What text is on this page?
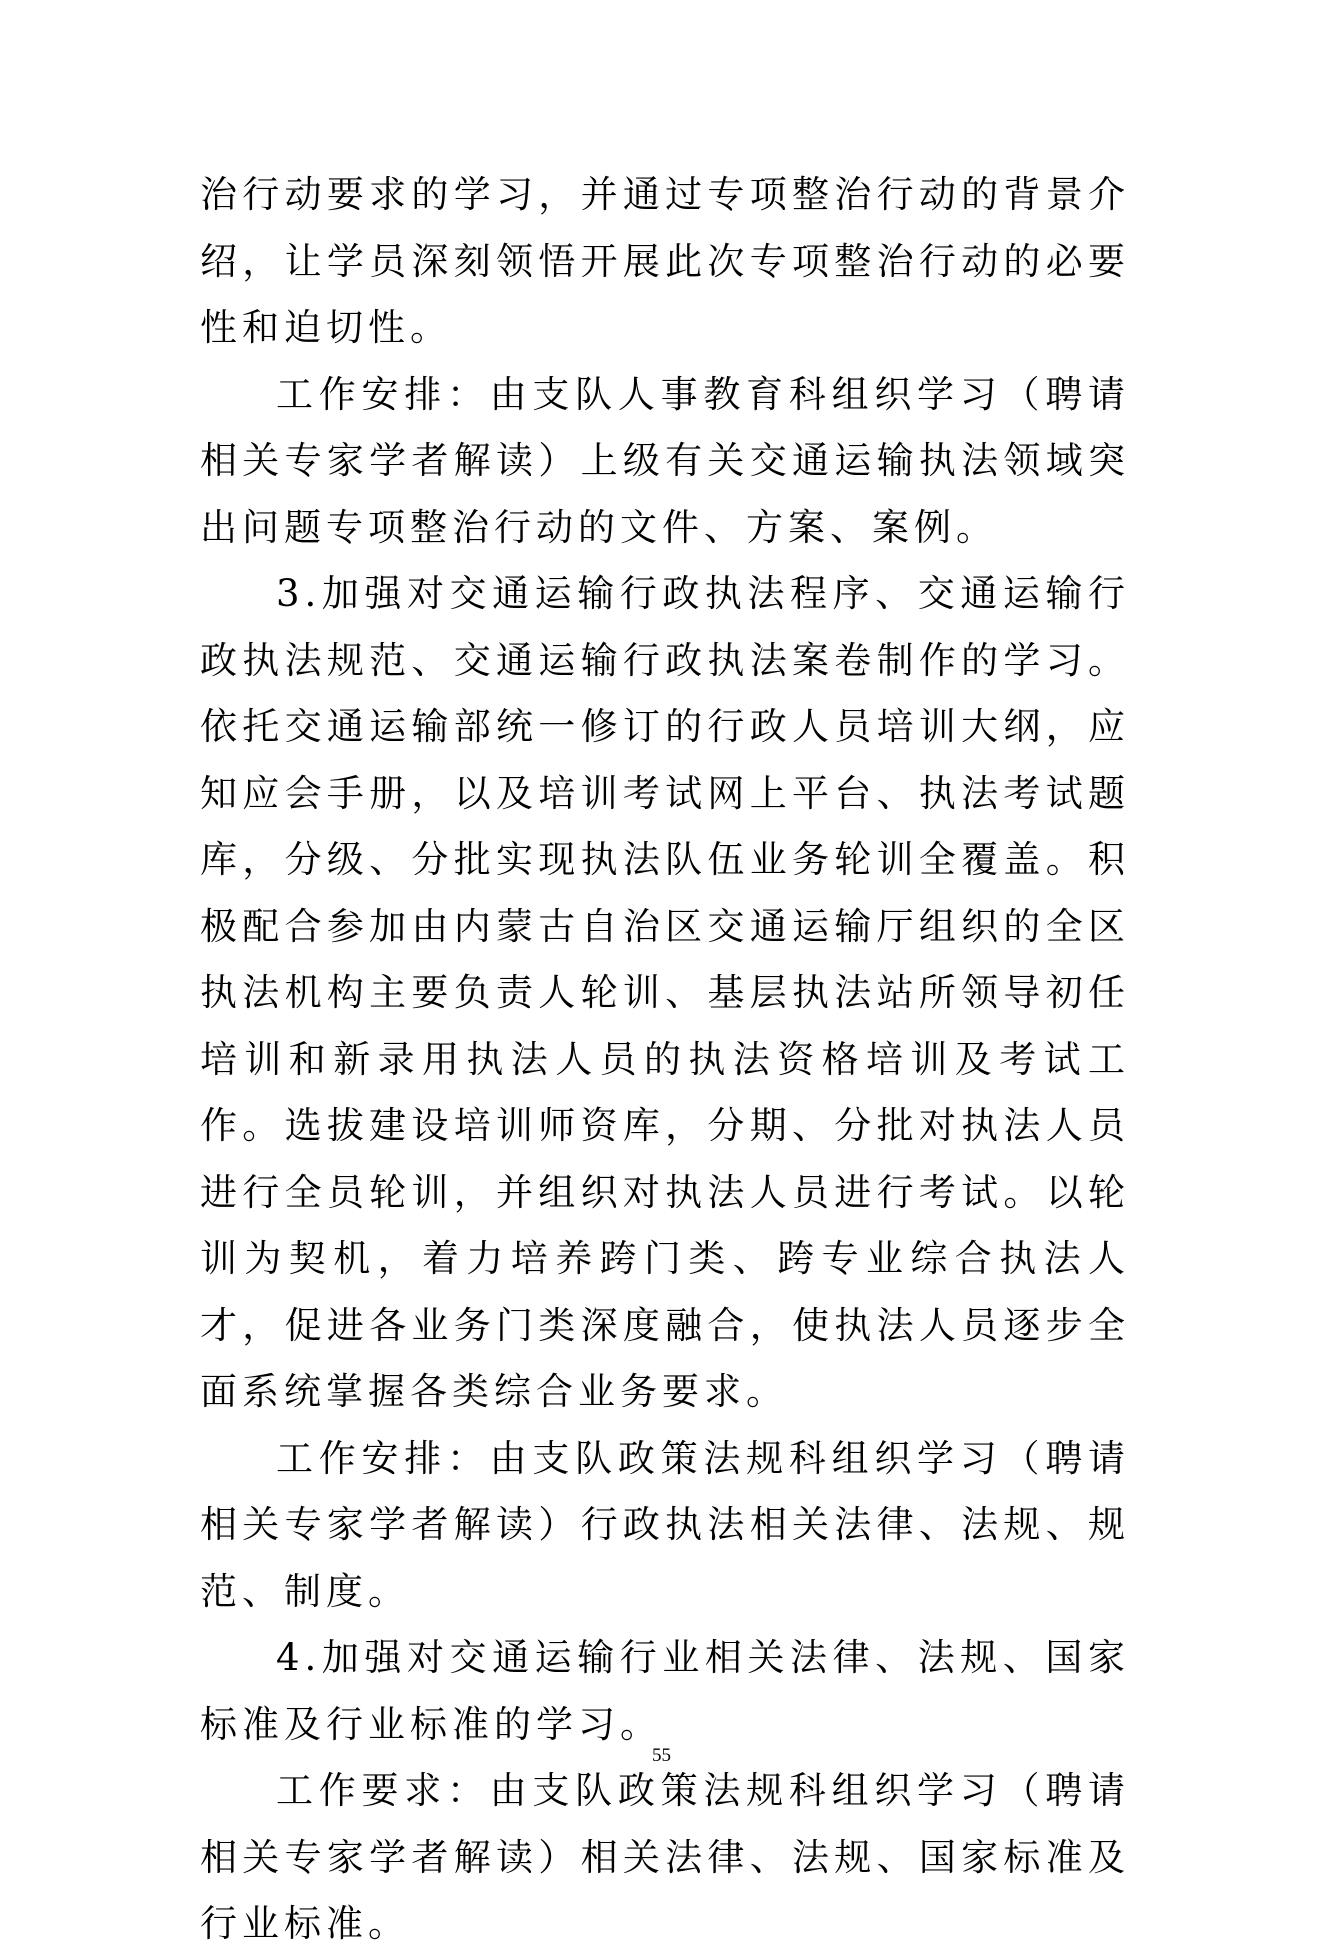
治行动要求的学习，并通过专项整治行动的背景介绍，让学员深刻领悟开展此次专项整治行动的必要性和迫切性。

工作安排：由支队人事教育科组织学习（聘请相关专家学者解读）上级有关交通运输执法领域突出问题专项整治行动的文件、方案、案例。

3.加强对交通运输行政执法程序、交通运输行政执法规范、交通运输行政执法案卷制作的学习。依托交通运输部统一修订的行政人员培训大纲，应知应会手册，以及培训考试网上平台、执法考试题库，分级、分批实现执法队伍业务轮训全覆盖。积极配合参加由内蒙古自治区交通运输厅组织的全区执法机构主要负责人轮训、基层执法站所领导初任培训和新录用执法人员的执法资格培训及考试工作。选拔建设培训师资库，分期、分批对执法人员进行全员轮训，并组织对执法人员进行考试。以轮训为契机，着力培养跨门类、跨专业综合执法人才，促进各业务门类深度融合，使执法人员逐步全面系统掌握各类综合业务要求。

工作安排：由支队政策法规科组织学习（聘请相关专家学者解读）行政执法相关法律、法规、规范、制度。

4.加强对交通运输行业相关法律、法规、国家标准及行业标准的学习。

工作要求：由支队政策法规科组织学习（聘请相关专家学者解读）相关法律、法规、国家标准及行业标准。

55
